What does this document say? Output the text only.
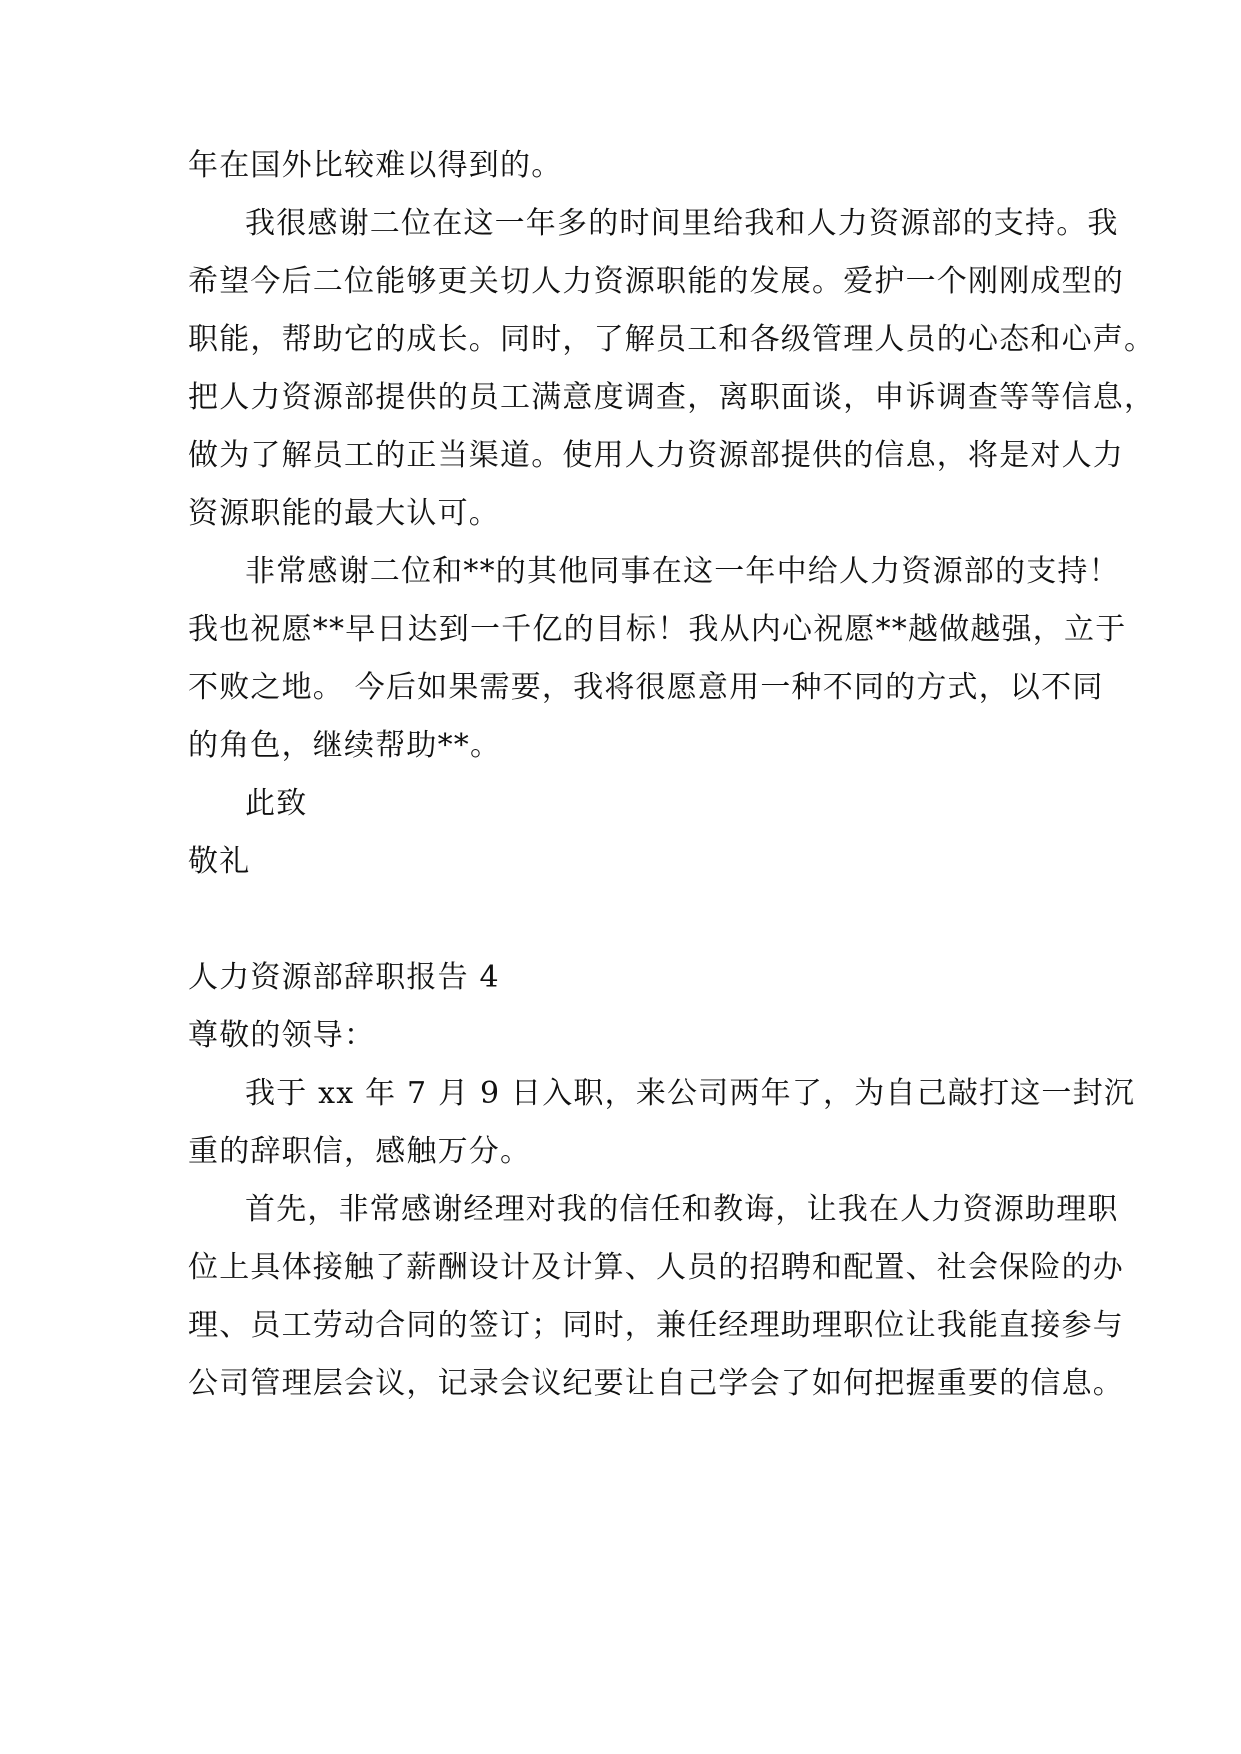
年在国外比较难以得到的。

我很感谢二位在这一年多的时间里给我和人力资源部的支持。我

希望今后二位能够更关切人力资源职能的发展。爱护一个刚刚成型的

职能，帮助它的成长。同时，了解员工和各级管理人员的心态和心声。

把人力资源部提供的员工满意度调查，离职面谈，申诉调查等等信息，

做为了解员工的正当渠道。使用人力资源部提供的信息，将是对人力

资源职能的最大认可。

非常感谢二位和**的其他同事在这一年中给人力资源部的支持！

我也祝愿**早日达到一千亿的目标！我从内心祝愿**越做越强，立于

不败之地。 今后如果需要，我将很愿意用一种不同的方式，以不同

的角色，继续帮助**。

此致

敬礼

人力资源部辞职报告 4

尊敬的领导：

我于 xx 年 7 月 9 日入职，来公司两年了，为自己敲打这一封沉

重的辞职信，感触万分。

首先，非常感谢经理对我的信任和教诲，让我在人力资源助理职

位上具体接触了薪酬设计及计算、人员的招聘和配置、社会保险的办

理、员工劳动合同的签订；同时，兼任经理助理职位让我能直接参与

公司管理层会议，记录会议纪要让自己学会了如何把握重要的信息。
